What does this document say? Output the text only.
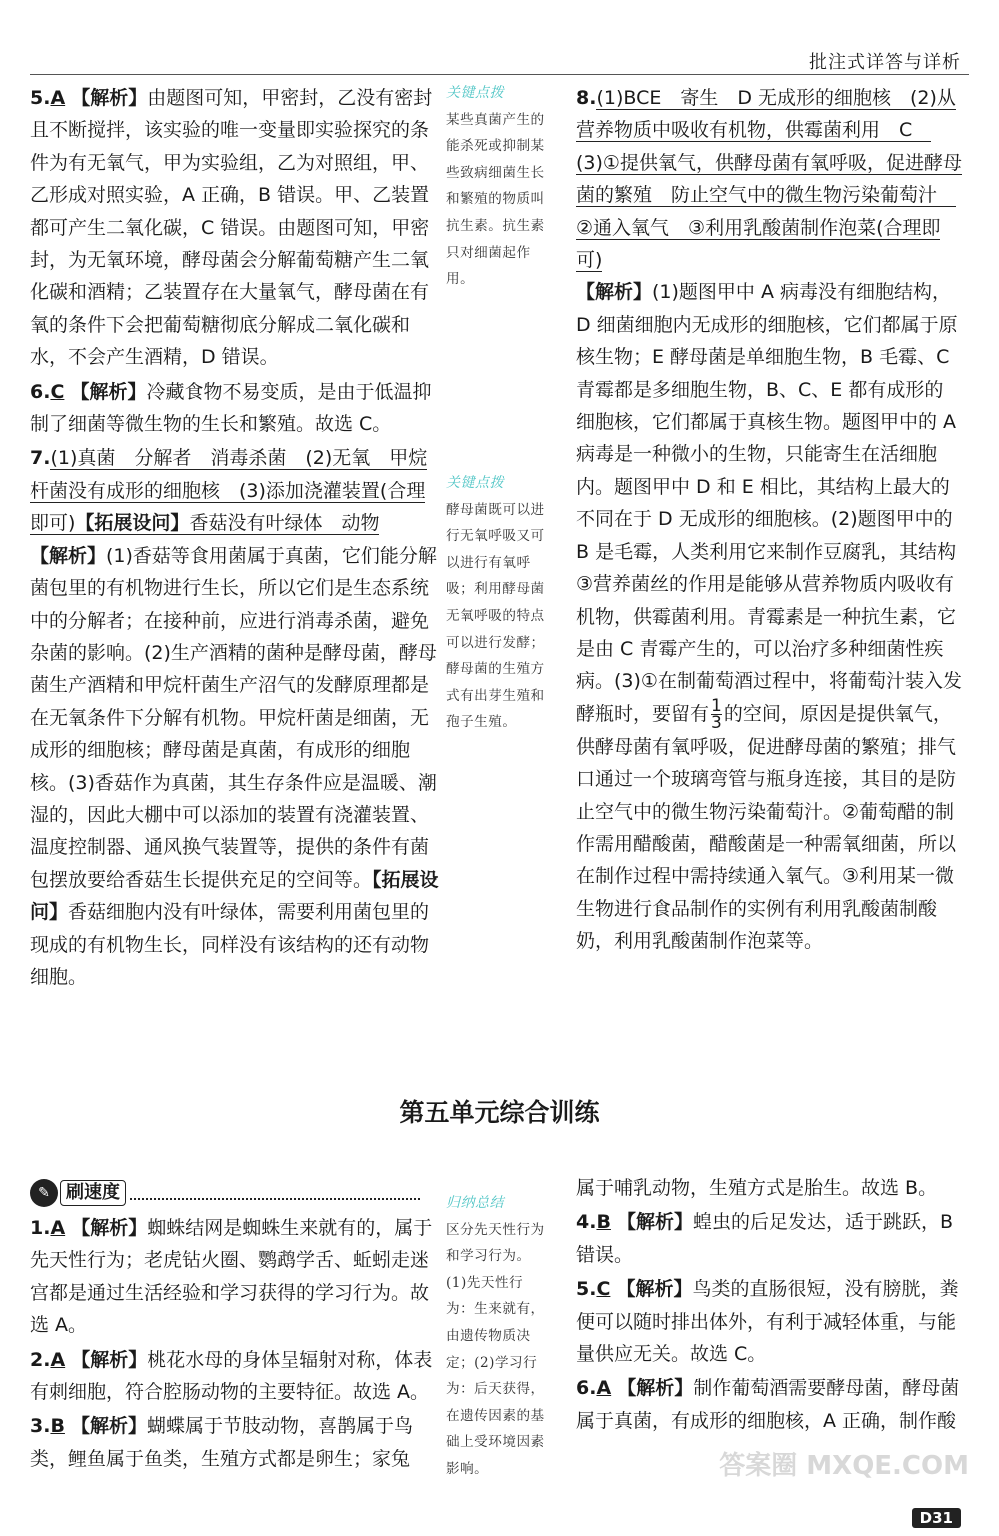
批注式详答与详析

5.A 【解析】由题图可知，甲密封，乙没有密封且不断搅拌，该实验的唯一变量即实验探究的条件为有无氧气，甲为实验组，乙为对照组，甲、乙形成对照实验，A 正确，B 错误。甲、乙装置都可产生二氧化碳，C 错误。由题图可知，甲密封，为无氧环境，酵母菌会分解葡萄糖产生二氧化碳和酒精；乙装置存在大量氧气，酵母菌在有氧的条件下会把葡萄糖彻底分解成二氧化碳和水，不会产生酒精，D 错误。

6.C 【解析】冷藏食物不易变质，是由于低温抑制了细菌等微生物的生长和繁殖。故选 C。

7.(1)真菌　分解者　消毒杀菌　(2)无氧　甲烷杆菌没有成形的细胞核　(3)添加浇灌装置(合理即可)【拓展设问】香菇没有叶绿体　动物
【解析】(1)香菇等食用菌属于真菌，它们能分解菌包里的有机物进行生长，所以它们是生态系统中的分解者；在接种前，应进行消毒杀菌，避免杂菌的影响。(2)生产酒精的菌种是酵母菌，酵母菌生产酒精和甲烷杆菌生产沼气的发酵原理都是在无氧条件下分解有机物。甲烷杆菌是细菌，无成形的细胞核；酵母菌是真菌，有成形的细胞核。(3)香菇作为真菌，其生存条件应是温暖、潮湿的，因此大棚中可以添加的装置有浇灌装置、温度控制器、通风换气装置等，提供的条件有菌包摆放要给香菇生长提供充足的空间等。【拓展设问】香菇细胞内没有叶绿体，需要利用菌包里的现成的有机物生长，同样没有该结构的还有动物细胞。

关键点拨
某些真菌产生的能杀死或抑制某些致病细菌生长和繁殖的物质叫抗生素。抗生素只对细菌起作用。
关键点拨
酵母菌既可以进行无氧呼吸又可以进行有氧呼吸；利用酵母菌无氧呼吸的特点可以进行发酵；酵母菌的生殖方式有出芽生殖和孢子生殖。
归纳总结
区分先天性行为和学习行为。(1)先天性行为：生来就有，由遗传物质决定；(2)学习行为：后天获得，在遗传因素的基础上受环境因素影响。

8.(1)BCE　寄生　D 无成形的细胞核　(2)从营养物质中吸收有机物，供霉菌利用　C　(3)①提供氧气，供酵母菌有氧呼吸，促进酵母菌的繁殖　防止空气中的微生物污染葡萄汁　②通入氧气　③利用乳酸菌制作泡菜(合理即可)
【解析】(1)题图甲中 A 病毒没有细胞结构，D 细菌细胞内无成形的细胞核，它们都属于原核生物；E 酵母菌是单细胞生物，B 毛霉、C 青霉都是多细胞生物，B、C、E 都有成形的细胞核，它们都属于真核生物。题图甲中的 A 病毒是一种微小的生物，只能寄生在活细胞内。题图甲中 D 和 E 相比，其结构上最大的不同在于 D 无成形的细胞核。(2)题图甲中的 B 是毛霉，人类利用它来制作豆腐乳，其结构③营养菌丝的作用是能够从营养物质内吸收有机物，供霉菌利用。青霉素是一种抗生素，它是由 C 青霉产生的，可以治疗多种细菌性疾病。(3)①在制葡萄酒过程中，将葡萄汁装入发酵瓶时，要留有 $\frac{1}{3}$ 的空间，原因是提供氧气，供酵母菌有氧呼吸，促进酵母菌的繁殖；排气口通过一个玻璃弯管与瓶身连接，其目的是防止空气中的微生物污染葡萄汁。②葡萄醋的制作需用醋酸菌，醋酸菌是一种需氧细菌，所以在制作过程中需持续通入氧气。③利用某一微生物进行食品制作的实例有利用乳酸菌制酸奶，利用乳酸菌制作泡菜等。

第五单元综合训练
✎ 刷速度

1.A 【解析】蜘蛛结网是蜘蛛生来就有的，属于先天性行为；老虎钻火圈、鹦鹉学舌、蚯蚓走迷宫都是通过生活经验和学习获得的学习行为。故选 A。

2.A 【解析】桃花水母的身体呈辐射对称，体表有刺细胞，符合腔肠动物的主要特征。故选 A。

3.B 【解析】蝴蝶属于节肢动物，喜鹊属于鸟类，鲤鱼属于鱼类，生殖方式都是卵生；家兔

属于哺乳动物，生殖方式是胎生。故选 B。

4.B 【解析】蝗虫的后足发达，适于跳跃，B 错误。

5.C 【解析】鸟类的直肠很短，没有膀胱，粪便可以随时排出体外，有利于减轻体重，与能量供应无关。故选 C。

6.A 【解析】制作葡萄酒需要酵母菌，酵母菌属于真菌，有成形的细胞核，A 正确，制作酸

答案圈 MXQE.COM
D31
